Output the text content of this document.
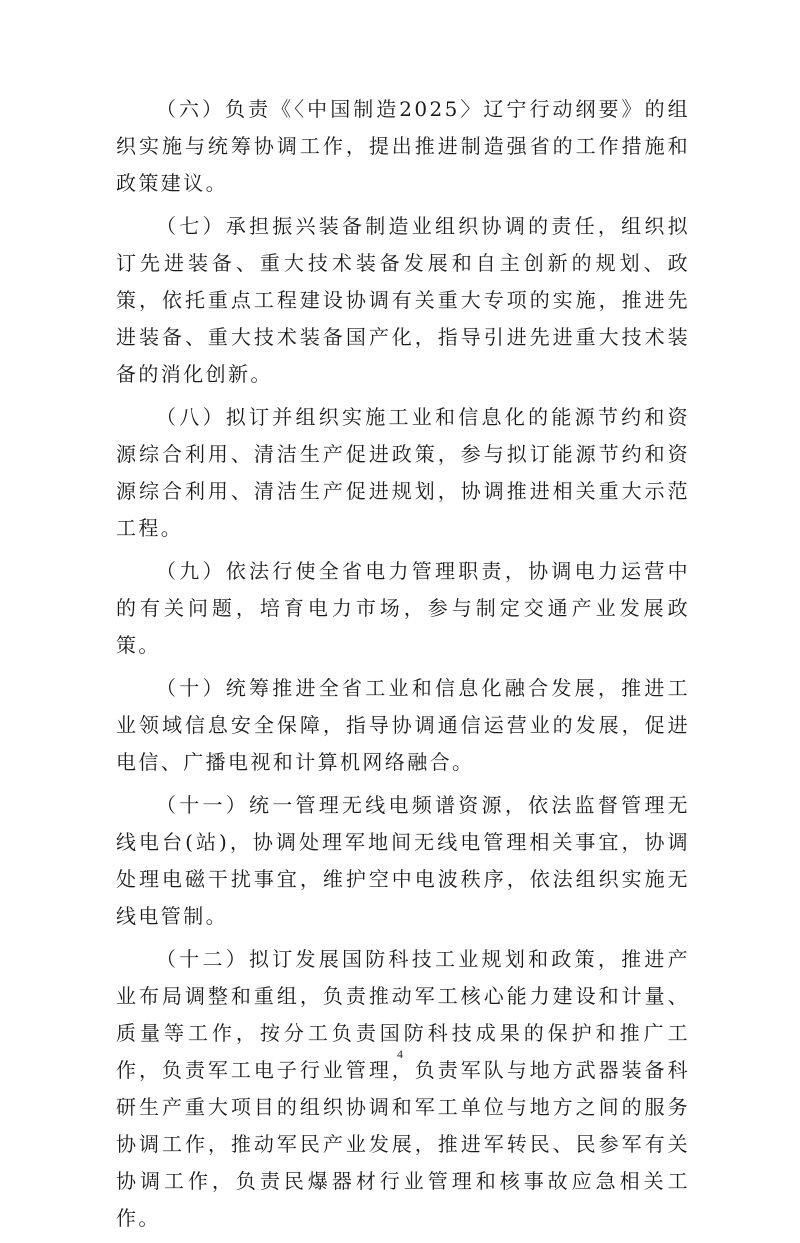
（六）负责《〈中国制造2025〉辽宁行动纲要》的组织实施与统筹协调工作，提出推进制造强省的工作措施和政策建议。

（七）承担振兴装备制造业组织协调的责任，组织拟订先进装备、重大技术装备发展和自主创新的规划、政策，依托重点工程建设协调有关重大专项的实施，推进先进装备、重大技术装备国产化，指导引进先进重大技术装备的消化创新。

（八）拟订并组织实施工业和信息化的能源节约和资源综合利用、清洁生产促进政策，参与拟订能源节约和资源综合利用、清洁生产促进规划，协调推进相关重大示范工程。

（九）依法行使全省电力管理职责，协调电力运营中的有关问题，培育电力市场，参与制定交通产业发展政策。

（十）统筹推进全省工业和信息化融合发展，推进工业领域信息安全保障，指导协调通信运营业的发展，促进电信、广播电视和计算机网络融合。

（十一）统一管理无线电频谱资源，依法监督管理无线电台(站)，协调处理军地间无线电管理相关事宜，协调处理电磁干扰事宜，维护空中电波秩序，依法组织实施无线电管制。

（十二）拟订发展国防科技工业规划和政策，推进产业布局调整和重组，负责推动军工核心能力建设和计量、质量等工作，按分工负责国防科技成果的保护和推广工作，负责军工电子行业管理，负责军队与地方武器装备科研生产重大项目的组织协调和军工单位与地方之间的服务协调工作，推动军民产业发展，推进军转民、民参军有关协调工作，负责民爆器材行业管理和核事故应急相关工作。

4
